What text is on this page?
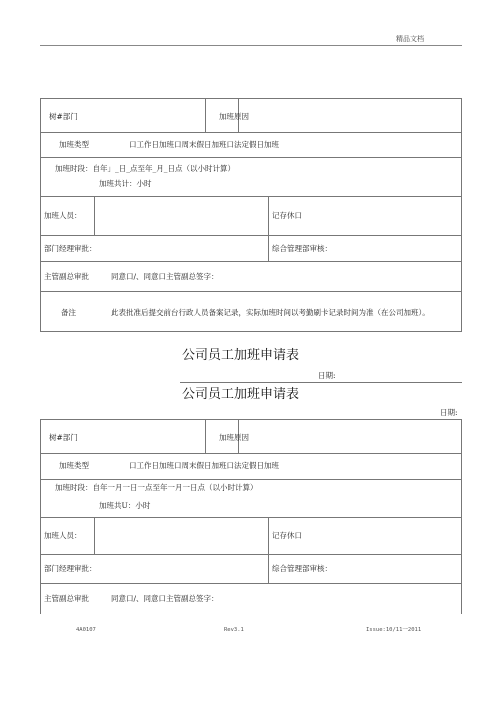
精品文档
树#部门	加班原因
加班类型	口工作日加班口周末假日加班口法定假日加班
加班时段：自年」_日_点至年_月_日点（以小时计算）
加班共计：小时
加班人员：	记存休口
部门经理审批：	综合管理部审核：
主管副总审批	同意口/、同意口主管副总签字：
备注	此表批准后提交前台行政人员备案记录，实际加班时间以考勤刷卡记录时间为准（在公司加班）。
公司员工加班申请表
日期:
公司员工加班申请表
日期:
树#部门	加班原因
加班类型	口工作日加班口周末假日加班口法定假日加班
加班时段：自年一月一日一点至年一月一日点（以小时计算）
加班共U：小时
加班人员：	记存休口
部门经理审批：	综合管理部审核：
主管副总审批	同意口/、同意口主管副总签字：
4A0107	Rev3.1	Issue:10/11一2011
